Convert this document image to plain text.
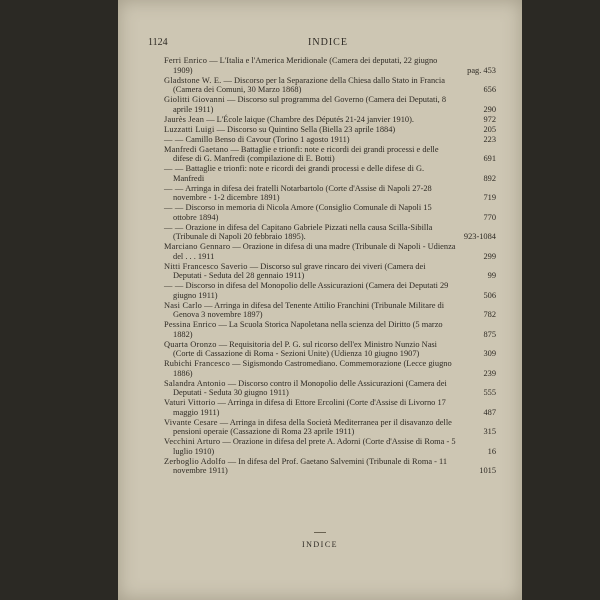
1124	INDICE
Ferri Enrico — L'Italia e l'America Meridionale (Camera dei deputati, 22 giugno 1909)	pag. 453
Gladstone W. E. — Discorso per la Separazione della Chiesa dallo Stato in Francia (Camera dei Comuni, 30 Marzo 1868)	656
Giolitti Giovanni — Discorso sul programma del Governo (Camera dei Deputati, 8 aprile 1911)	290
Jaurès Jean — L'École laique (Chambre des Députés 21-24 janvier 1910).	972
Luzzatti Luigi — Discorso su Quintino Sella (Biella 23 aprile 1884)	205
— — Camillo Benso di Cavour (Torino 1 agosto 1911)	223
Manfredi Gaetano — Battaglie e trionfi: note e ricordi dei grandi processi e delle difese di G. Manfredi (compilazione di E. Botti)	691
— — Battaglie e trionfi: note e ricordi dei grandi processi e delle difese di G. Manfredi	892
— — Arringa in difesa dei fratelli Notarbartolo (Corte d'Assise di Napoli 27-28 novembre - 1-2 dicembre 1891)	719
— — Discorso in memoria di Nicola Amore (Consiglio Comunale di Napoli 15 ottobre 1894)	770
— — Orazione in difesa del Capitano Gabriele Pizzati nella causa Scilla-Sibilla (Tribunale di Napoli 20 febbraio 1895).	923-1084
Marciano Gennaro — Orazione in difesa di una madre (Tribunale di Napoli - Udienza del . . . 1911	299
Nitti Francesco Saverio — Discorso sul grave rincaro dei viveri (Camera dei Deputati - Seduta del 28 gennaio 1911)	99
— — Discorso in difesa del Monopolio delle Assicurazioni (Camera dei Deputati 29 giugno 1911)	506
Nasi Carlo — Arringa in difesa del Tenente Attilio Franchini (Tribunale Militare di Genova 3 novembre 1897)	782
Pessina Enrico — La Scuola Storica Napoletana nella scienza del Diritto (5 marzo 1882)	875
Quarta Oronzo — Requisitoria del P. G. sul ricorso dell'ex Ministro Nunzio Nasi (Corte di Cassazione di Roma - Sezioni Unite) (Udienza 10 giugno 1907)	309
Rubichi Francesco — Sigismondo Castromediano. Commemorazione (Lecce giugno 1886)	239
Salandra Antonio — Discorso contro il Monopolio delle Assicurazioni (Camera dei Deputati - Seduta 30 giugno 1911)	555
Vaturi Vittorio — Arringa in difesa di Ettore Ercolini (Corte d'Assise di Livorno 17 maggio 1911)	487
Vivante Cesare — Arringa in difesa della Società Mediterranea per il disavanzo delle pensioni operaie (Cassazione di Roma 23 aprile 1911)	315
Vecchini Arturo — Orazione in difesa del prete A. Adorni (Corte d'Assise di Roma - 5 luglio 1910)	16
Zerboglio Adolfo — In difesa del Prof. Gaetano Salvemini (Tribunale di Roma - 11 novembre 1911)	1015
INDICE
